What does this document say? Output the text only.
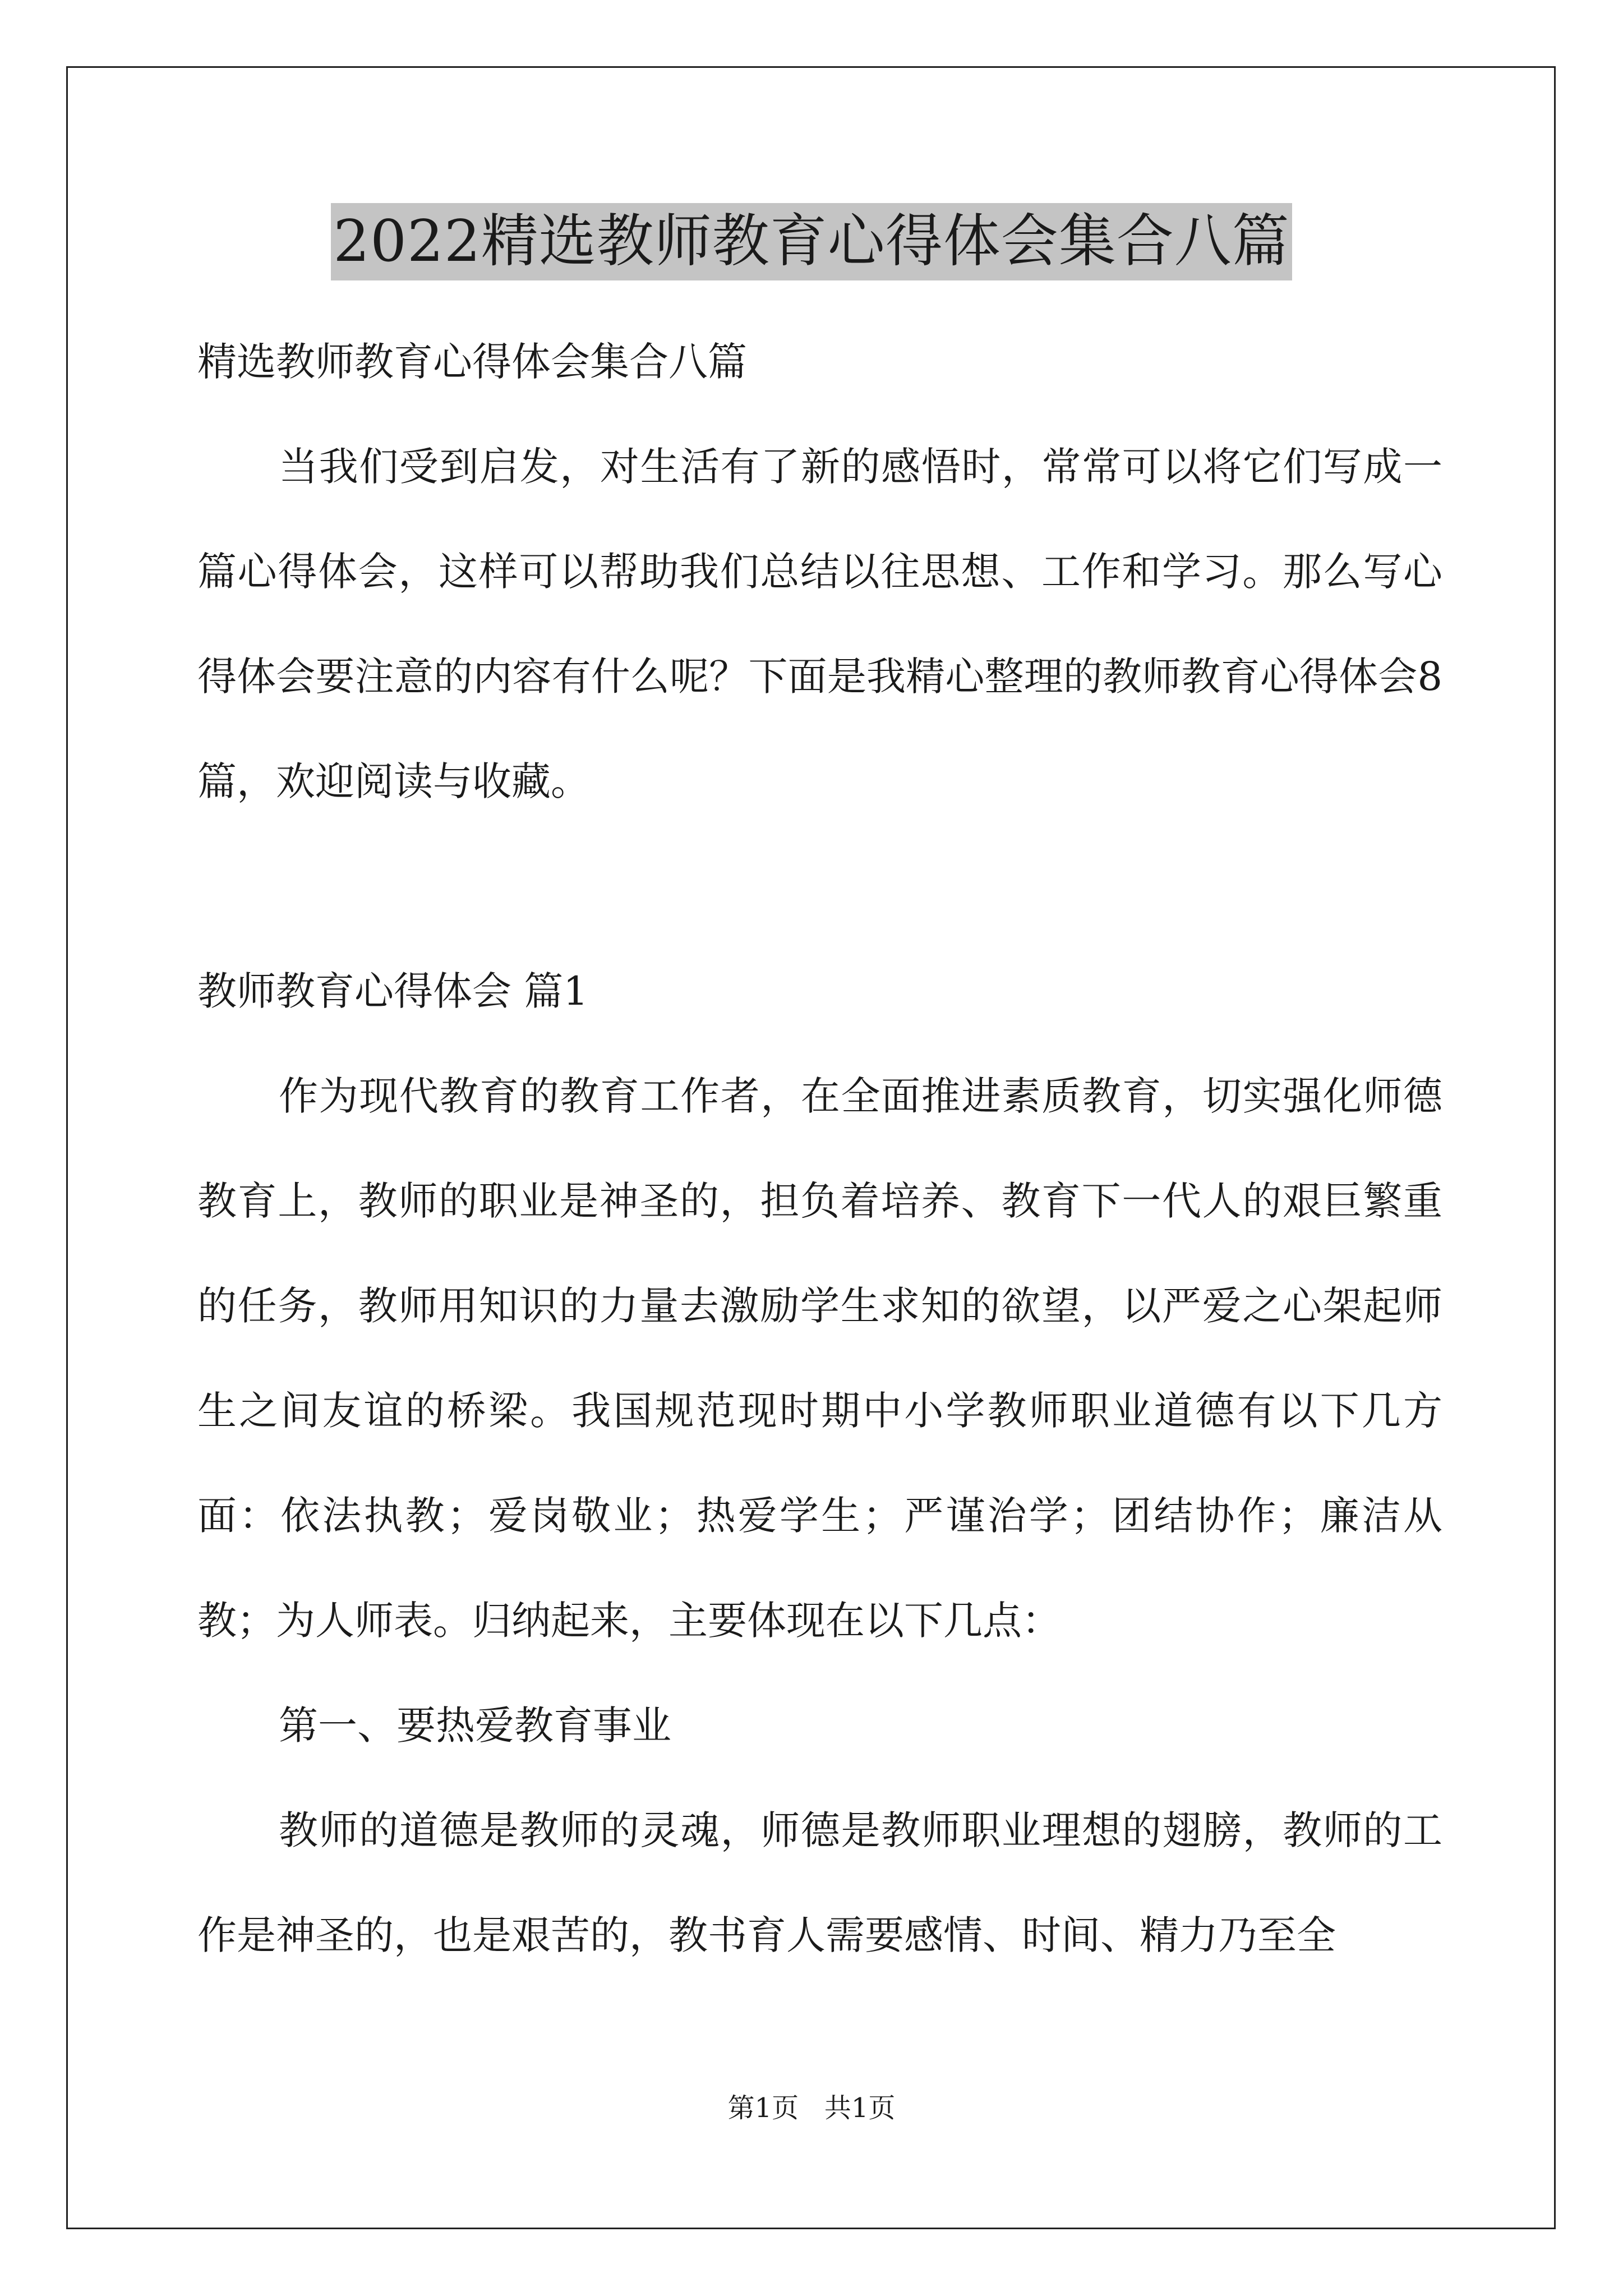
2022精选教师教育心得体会集合八篇

精选教师教育心得体会集合八篇

当我们受到启发，对生活有了新的感悟时，常常可以将它们写成一篇心得体会，这样可以帮助我们总结以往思想、工作和学习。那么写心得体会要注意的内容有什么呢？下面是我精心整理的教师教育心得体会8篇，欢迎阅读与收藏。

教师教育心得体会 篇1

作为现代教育的教育工作者，在全面推进素质教育，切实强化师德教育上，教师的职业是神圣的，担负着培养、教育下一代人的艰巨繁重的任务，教师用知识的力量去激励学生求知的欲望，以严爱之心架起师生之间友谊的桥梁。我国规范现时期中小学教师职业道德有以下几方面：依法执教；爱岗敬业；热爱学生；严谨治学；团结协作；廉洁从教；为人师表。归纳起来，主要体现在以下几点：

第一、要热爱教育事业

教师的道德是教师的灵魂，师德是教师职业理想的翅膀，教师的工作是神圣的，也是艰苦的，教书育人需要感情、时间、精力乃至全

第1页   共1页
